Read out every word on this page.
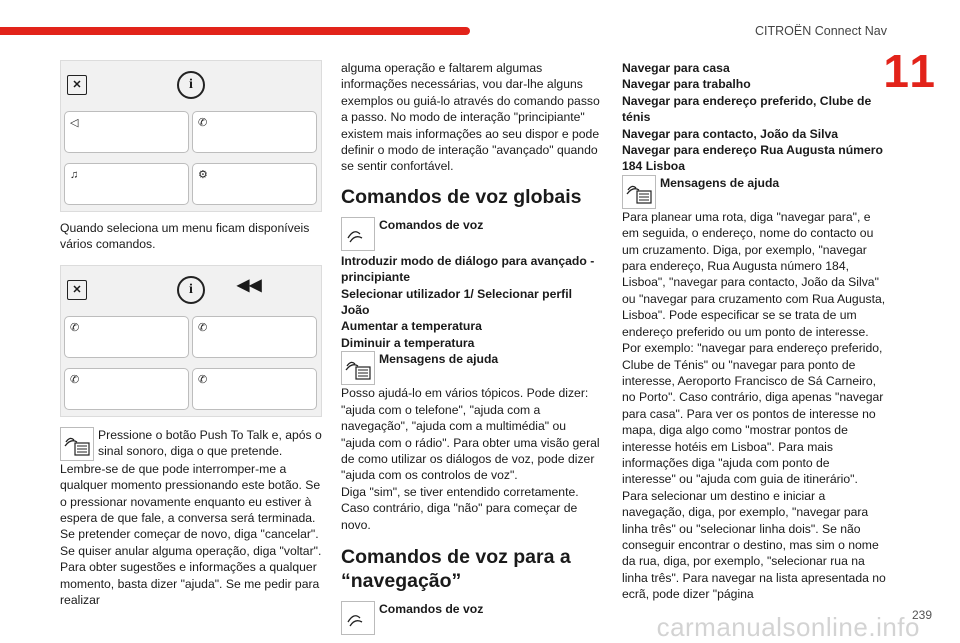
CITROËN Connect Nav
11
239
carmanualsonline.info
✕	i
◁	✆
♫	⚙

Quando seleciona um menu ficam disponíveis vários comandos.

✕	i	◀◀
✆	✆
✆	✆

Pressione o botão Push To Talk e, após o sinal sonoro, diga o que pretende.

Lembre-se de que pode interromper-me a qualquer momento pressionando este botão. Se o pressionar novamente enquanto eu estiver à espera de que fale, a conversa será terminada. Se pretender começar de novo, diga "cancelar". Se quiser anular alguma operação, diga "voltar". Para obter sugestões e informações a qualquer momento, basta dizer "ajuda". Se me pedir para realizar

alguma operação e faltarem algumas informações necessárias, vou dar-lhe alguns exemplos ou guiá-lo através do comando passo a passo. No modo de interação "principiante" existem mais informações ao seu dispor e pode definir o modo de interação "avançado" quando se sentir confortável.

Comandos de voz globais
Comandos de voz

Introduzir modo de diálogo para avançado - principiante

Selecionar utilizador 1/ Selecionar perfil João

Aumentar a temperatura

Diminuir a temperatura

Mensagens de ajuda

Posso ajudá-lo em vários tópicos. Pode dizer: "ajuda com o telefone", "ajuda com a navegação", "ajuda com a multimédia" ou "ajuda com o rádio". Para obter uma visão geral de como utilizar os diálogos de voz, pode dizer "ajuda com os controlos de voz".

Diga "sim", se tiver entendido corretamente. Caso contrário, diga "não" para começar de novo.

Comandos de voz para a “navegação”
Comandos de voz

Navegar para casa

Navegar para trabalho

Navegar para endereço preferido, Clube de ténis

Navegar para contacto, João da Silva

Navegar para endereço Rua Augusta número 184 Lisboa

Mensagens de ajuda

Para planear uma rota, diga "navegar para", e em seguida, o endereço, nome do contacto ou um cruzamento. Diga, por exemplo, "navegar para endereço, Rua Augusta número 184, Lisboa", "navegar para contacto, João da Silva" ou "navegar para cruzamento com Rua Augusta, Lisboa". Pode especificar se se trata de um endereço preferido ou um ponto de interesse. Por exemplo: "navegar para endereço preferido, Clube de Ténis" ou "navegar para ponto de interesse, Aeroporto Francisco de Sá Carneiro, no Porto". Caso contrário, diga apenas "navegar para casa". Para ver os pontos de interesse no mapa, diga algo como "mostrar pontos de interesse hotéis em Lisboa". Para mais informações diga "ajuda com ponto de interesse" ou "ajuda com guia de itinerário".

Para selecionar um destino e iniciar a navegação, diga, por exemplo, "navegar para linha três" ou "selecionar linha dois". Se não conseguir encontrar o destino, mas sim o nome da rua, diga, por exemplo, "selecionar rua na linha três". Para navegar na lista apresentada no ecrã, pode dizer "página
